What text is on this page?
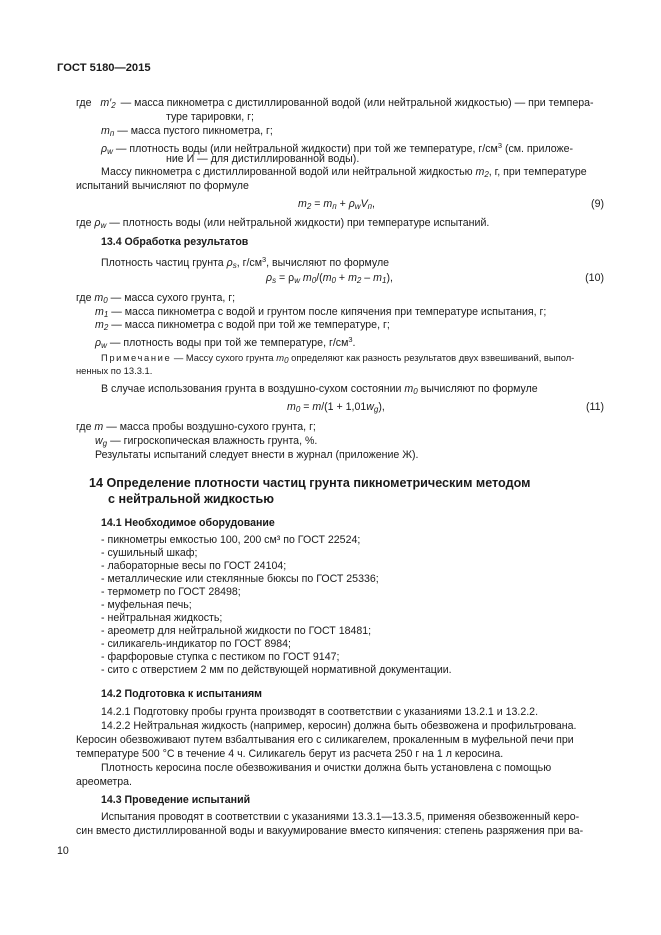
ГОСТ 5180—2015
где $m'_2$ — масса пикнометра с дистиллированной водой (или нейтральной жидкостью) — при темпера-
туре тарировки, г;
$m_п$ — масса пустого пикнометра, г;
$\rho_w$ — плотность воды (или нейтральной жидкости) при той же температуре, $г/см^3$ (см. приложе-
ние И — для дистиллированной воды).
Массу пикнометра с дистиллированной водой или нейтральной жидкостью $m_2$, г, при температуре
испытаний вычисляют по формуле
$m_2 = m_п + \rho_wV_п$,	(9)
где $\rho_w$ — плотность воды (или нейтральной жидкости) при температуре испытаний.
13.4 Обработка результатов
Плотность частиц грунта $\rho_s$, $г/см^3$, вычисляют по формуле
$\rho_s = \rho_w$ $m_0/(m_0 + m_2 - m_1)$,	(10)
где $m_0$ — масса сухого грунта, г;
$m_1$ — масса пикнометра с водой и грунтом после кипячения при температуре испытания, г;
$m_2$ — масса пикнометра с водой при той же температуре, г;
$\rho_w$ — плотность воды при той же температуре, $г/см^3$.
Примечание — Массу сухого грунта m0 определяют как разность результатов двух взвешиваний, выпол-
ненных по 13.3.1.
В случае использования грунта в воздушно-сухом состоянии $m_0$ вычисляют по формуле
$m_0 = m/(1 + 1,01w_g)$,	(11)
где m — масса пробы воздушно-сухого грунта, г;
$w_g$ — гигроскопическая влажность грунта, %.
Результаты испытаний следует внести в журнал (приложение Ж).
14 Определение плотности частиц грунта пикнометрическим методом
с нейтральной жидкостью
14.1 Необходимое оборудование
- пикнометры емкостью 100, 200 см³ по ГОСТ 22524;
- сушильный шкаф;
- лабораторные весы по ГОСТ 24104;
- металлические или стеклянные бюксы по ГОСТ 25336;
- термометр по ГОСТ 28498;
- муфельная печь;
- нейтральная жидкость;
- ареометр для нейтральной жидкости по ГОСТ 18481;
- силикагель-индикатор по ГОСТ 8984;
- фарфоровые ступка с пестиком по ГОСТ 9147;
- сито с отверстием 2 мм по действующей нормативной документации.
14.2 Подготовка к испытаниям
14.2.1 Подготовку пробы грунта производят в соответствии с указаниями 13.2.1 и 13.2.2.
14.2.2 Нейтральная жидкость (например, керосин) должна быть обезвожена и профильтрована.
Керосин обезвоживают путем взбалтывания его с силикагелем, прокаленным в муфельной печи при
температуре 500 °С в течение 4 ч. Силикагель берут из расчета 250 г на 1 л керосина.
Плотность керосина после обезвоживания и очистки должна быть установлена с помощью
ареометра.
14.3 Проведение испытаний
Испытания проводят в соответствии с указаниями 13.3.1—13.3.5, применяя обезвоженный керо-
син вместо дистиллированной воды и вакуумирование вместо кипячения: степень разряжения при ва-
10
